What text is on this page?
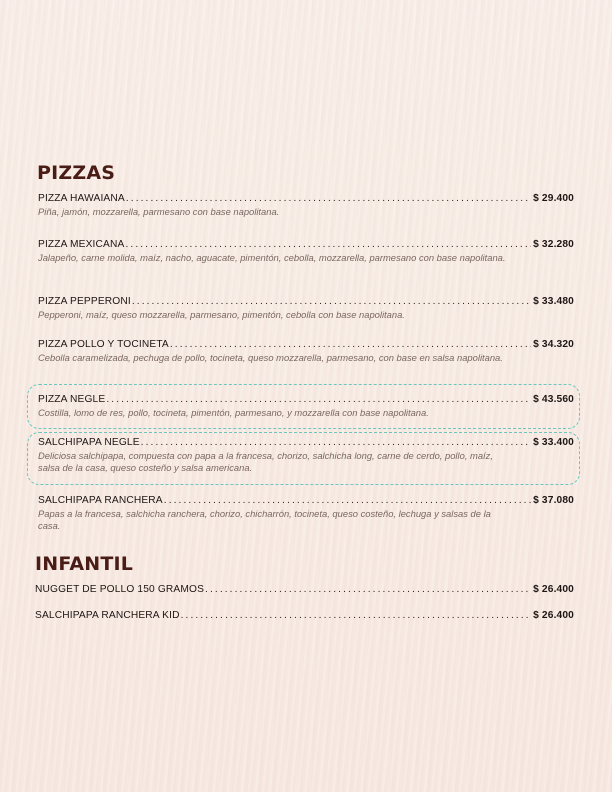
PIZZAS
PIZZA HAWAIANA .....	$ 29.400
Piña, jamón, mozzarella, parmesano con base napolitana.
PIZZA MEXICANA .....	$ 32.280
Jalapeño, carne molida, maíz, nacho, aguacate, pimentón, cebolla, mozzarella, parmesano con base napolitana.
PIZZA PEPPERONI .....	$ 33.480
Pepperoni, maíz, queso mozzarella, parmesano, pimentón, cebolla con base napolitana.
PIZZA POLLO Y TOCINETA .....	$ 34.320
Cebolla caramelizada, pechuga de pollo, tocineta, queso mozzarella, parmesano, con base en salsa napolitana.
PIZZA NEGLE .....	$ 43.560
Costilla, lomo de res, pollo, tocineta, pimentón, parmesano, y mozzarella con base napolitana.
SALCHIPAPA NEGLE .....	$ 33.400
Deliciosa salchipapa, compuesta con papa a la francesa, chorizo, salchicha long, carne de cerdo, pollo, maíz, salsa de la casa, queso costeño y salsa americana.
SALCHIPAPA RANCHERA .....	$ 37.080
Papas a la francesa, salchicha ranchera, chorizo, chicharrón, tocineta, queso costeño, lechuga y salsas de la casa.
INFANTIL
NUGGET DE POLLO 150 GRAMOS .....	$ 26.400
SALCHIPAPA RANCHERA KID .....	$ 26.400
